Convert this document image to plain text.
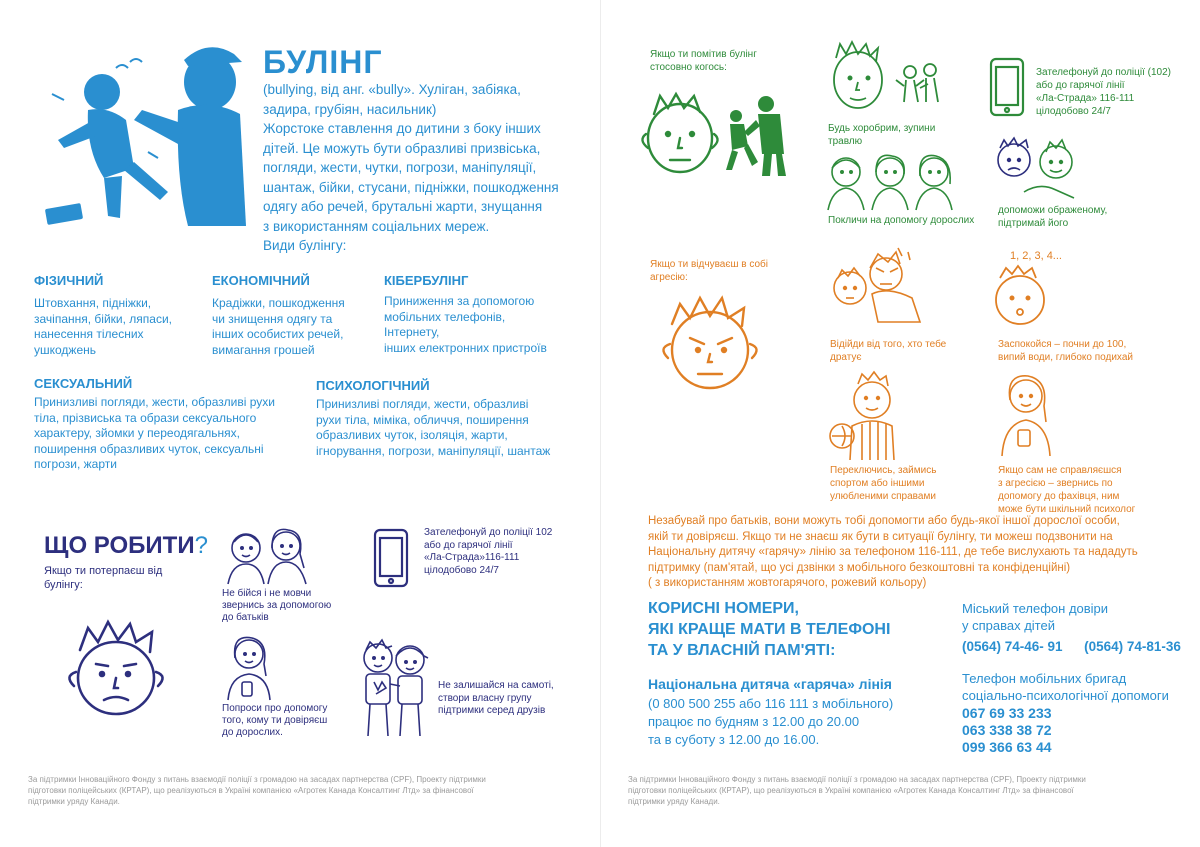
БУЛІНГ
(bullying, від анг. «bully». Хуліган, забіяка,
задира, грубіян, насильник)
Жорстоке ставлення до дитини з боку інших
дітей. Це можуть бути образливі призвіська,
погляди, жести, чутки, погрози, маніпуляції,
шантаж, бійки, стусани, підніжки, пошкодження
одягу або речей, брутальні жарти, знущання
з використанням соціальних мереж.
Види булінгу:
ФІЗИЧНИЙ
Штовхання, підніжки,
зачіпання, бійки, ляпаси,
нанесення тілесних
ушкоджень
ЕКОНОМІЧНИЙ
Крадіжки, пошкодження
чи знищення одягу та
інших особистих речей,
вимагання грошей
КІБЕРБУЛІНГ
Приниження за допомогою
мобільних телефонів,
Інтернету,
інших електронних пристроїв
СЕКСУАЛЬНИЙ
Принизливі погляди, жести, образливі рухи
тіла, прізвиська та образи сексуального
характеру, зйомки у переодягальнях,
поширення образливих чуток, сексуальні
погрози, жарти
ПСИХОЛОГІЧНИЙ
Принизливі погляди, жести, образливі
рухи тіла, міміка, обличчя, поширення
образливих чуток, ізоляція, жарти,
ігнорування, погрози, маніпуляції, шантаж
ЩО РОБИТИ?
Якщо ти потерпаєш від
булінгу:
Не бійся і не мовчи
звернись за допомогою
до батьків
Зателефонуй до поліції 102
або до гарячої лінії
«Ла-Страда»116-111
цілодобово 24/7
Попроси про допомогу
того, кому ти довіряєш
до дорослих.
Не залишайся на самоті,
створи власну групу
підтримки серед друзів
За підтримки Інноваційного Фонду з питань взаємодії поліції з громадою на засадах партнерства (CPF), Проекту підтримки
підготовки поліцейських (КРТАР), що реалізуються в Україні компанією «Агротек Канада Консалтинг Лтд» за фінансової
підтримки уряду Канади.
Якщо ти помітив булінг
стосовно когось:
Будь хоробрим, зупини
травлю
Зателефонуй до поліції (102)
або до гарячої лінії
«Ла-Страда» 116-111
цілодобово 24/7
Покличи на допомогу дорослих
допоможи ображеному,
підтримай його
Якщо ти відчуваєш в собі
агресію:
Відійди від того, хто тебе
дратує
1, 2, 3, 4...
Заспокойся – почни до 100,
випий води, глибоко подихай
Переключись, займись
спортом або іншими
улюбленими справами
Якщо сам не справляєшся
з агресією – звернись по
допомогу до фахівця, ним
може бути шкільний психолог
Незабувай про батьків, вони можуть тобі допомогти або будь-якої іншої дорослої особи,
якій ти довіряєш. Якщо ти не знаєш як бути в ситуації булінгу, ти можеш подзвонити на
Національну дитячу «гарячу» лінію за телефоном 116-111, де тебе вислухають та нададуть
підтримку (пам'ятай, що усі дзвінки з мобільного безкоштовні та конфіденційні)
( з використанням жовтогарячого, рожевий кольору)
КОРИСНІ НОМЕРИ,
ЯКІ КРАЩЕ МАТИ В ТЕЛЕФОНІ
ТА У ВЛАСНІЙ ПАМ'ЯТІ:
Національна дитяча «гаряча» лінія
(0 800 500 255 або 116 111 з мобільного)
працює по будням з 12.00 до 20.00
та в суботу з 12.00 до 16.00.
Міський телефон довіри
у справах дітей
(0564) 74-46- 91 (0564) 74-81-36
Телефон мобільних бригад
соціально-психологічної допомоги
067 69 33 233
063 338 38 72
099 366 63 44
За підтримки Інноваційного Фонду з питань взаємодії поліції з громадою на засадах партнерства (CPF), Проекту підтримки
підготовки поліцейських (КРТАР), що реалізуються в Україні компанією «Агротек Канада Консалтинг Лтд» за фінансової
підтримки уряду Канади.
